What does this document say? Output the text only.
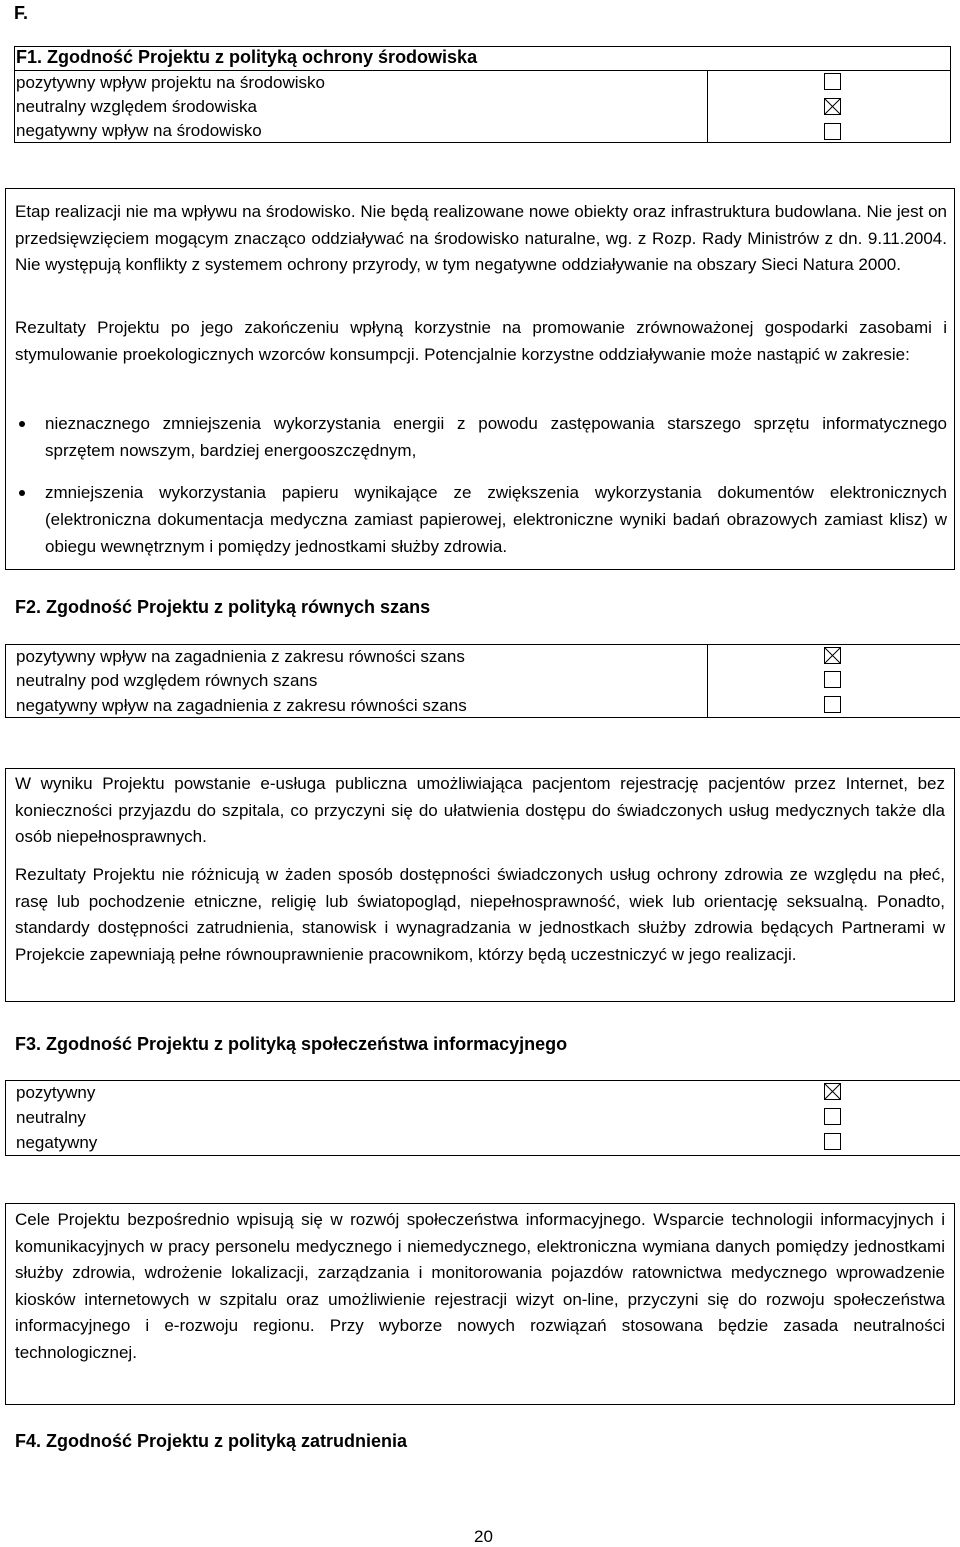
F.
F1. Zgodność Projektu z polityką ochrony środowiska
pozytywny wpływ projektu na środowisko
neutralny względem środowiska
negatywny wpływ na środowisko
Etap realizacji nie ma wpływu na środowisko. Nie będą realizowane nowe obiekty oraz infrastruktura budowlana. Nie jest on przedsięwzięciem mogącym znacząco oddziaływać na środowisko naturalne, wg. z Rozp. Rady Ministrów z dn. 9.11.2004. Nie występują konflikty z systemem ochrony przyrody, w tym negatywne oddziaływanie na obszary Sieci Natura 2000.
Rezultaty Projektu po jego zakończeniu wpłyną korzystnie na promowanie zrównoważonej gospodarki zasobami i stymulowanie proekologicznych wzorców konsumpcji. Potencjalnie korzystne oddziaływanie może nastąpić w zakresie:
nieznacznego zmniejszenia wykorzystania energii z powodu zastępowania starszego sprzętu informatycznego sprzętem nowszym, bardziej energooszczędnym,
zmniejszenia wykorzystania papieru wynikające ze zwiększenia wykorzystania dokumentów elektronicznych (elektroniczna dokumentacja medyczna zamiast papierowej, elektroniczne wyniki badań obrazowych zamiast klisz) w obiegu wewnętrznym i pomiędzy jednostkami służby zdrowia.
F2. Zgodność Projektu z polityką równych szans
pozytywny wpływ na zagadnienia z zakresu równości szans
neutralny pod względem równych szans
negatywny wpływ na zagadnienia z zakresu równości szans
W wyniku Projektu powstanie e-usługa publiczna umożliwiająca pacjentom rejestrację pacjentów przez Internet, bez konieczności przyjazdu do szpitala, co przyczyni się do ułatwienia dostępu do świadczonych usług medycznych także dla osób niepełnosprawnych.
Rezultaty Projektu nie różnicują w żaden sposób dostępności świadczonych usług ochrony zdrowia ze względu na płeć, rasę lub pochodzenie etniczne, religię lub światopogląd, niepełnosprawność, wiek lub orientację seksualną. Ponadto, standardy dostępności zatrudnienia, stanowisk i wynagradzania w jednostkach służby zdrowia będących Partnerami w Projekcie zapewniają pełne równouprawnienie pracownikom, którzy będą uczestniczyć w jego realizacji.
F3. Zgodność Projektu z polityką społeczeństwa informacyjnego
pozytywny
neutralny
negatywny
Cele Projektu bezpośrednio wpisują się w rozwój społeczeństwa informacyjnego. Wsparcie technologii informacyjnych i komunikacyjnych w pracy personelu medycznego i niemedycznego, elektroniczna wymiana danych pomiędzy jednostkami służby zdrowia, wdrożenie lokalizacji, zarządzania i monitorowania pojazdów ratownictwa medycznego wprowadzenie kiosków internetowych w szpitalu oraz umożliwienie rejestracji wizyt on-line, przyczyni się do rozwoju społeczeństwa informacyjnego i e-rozwoju regionu. Przy wyborze nowych rozwiązań stosowana będzie zasada neutralności technologicznej.
F4. Zgodność Projektu z polityką zatrudnienia
20
